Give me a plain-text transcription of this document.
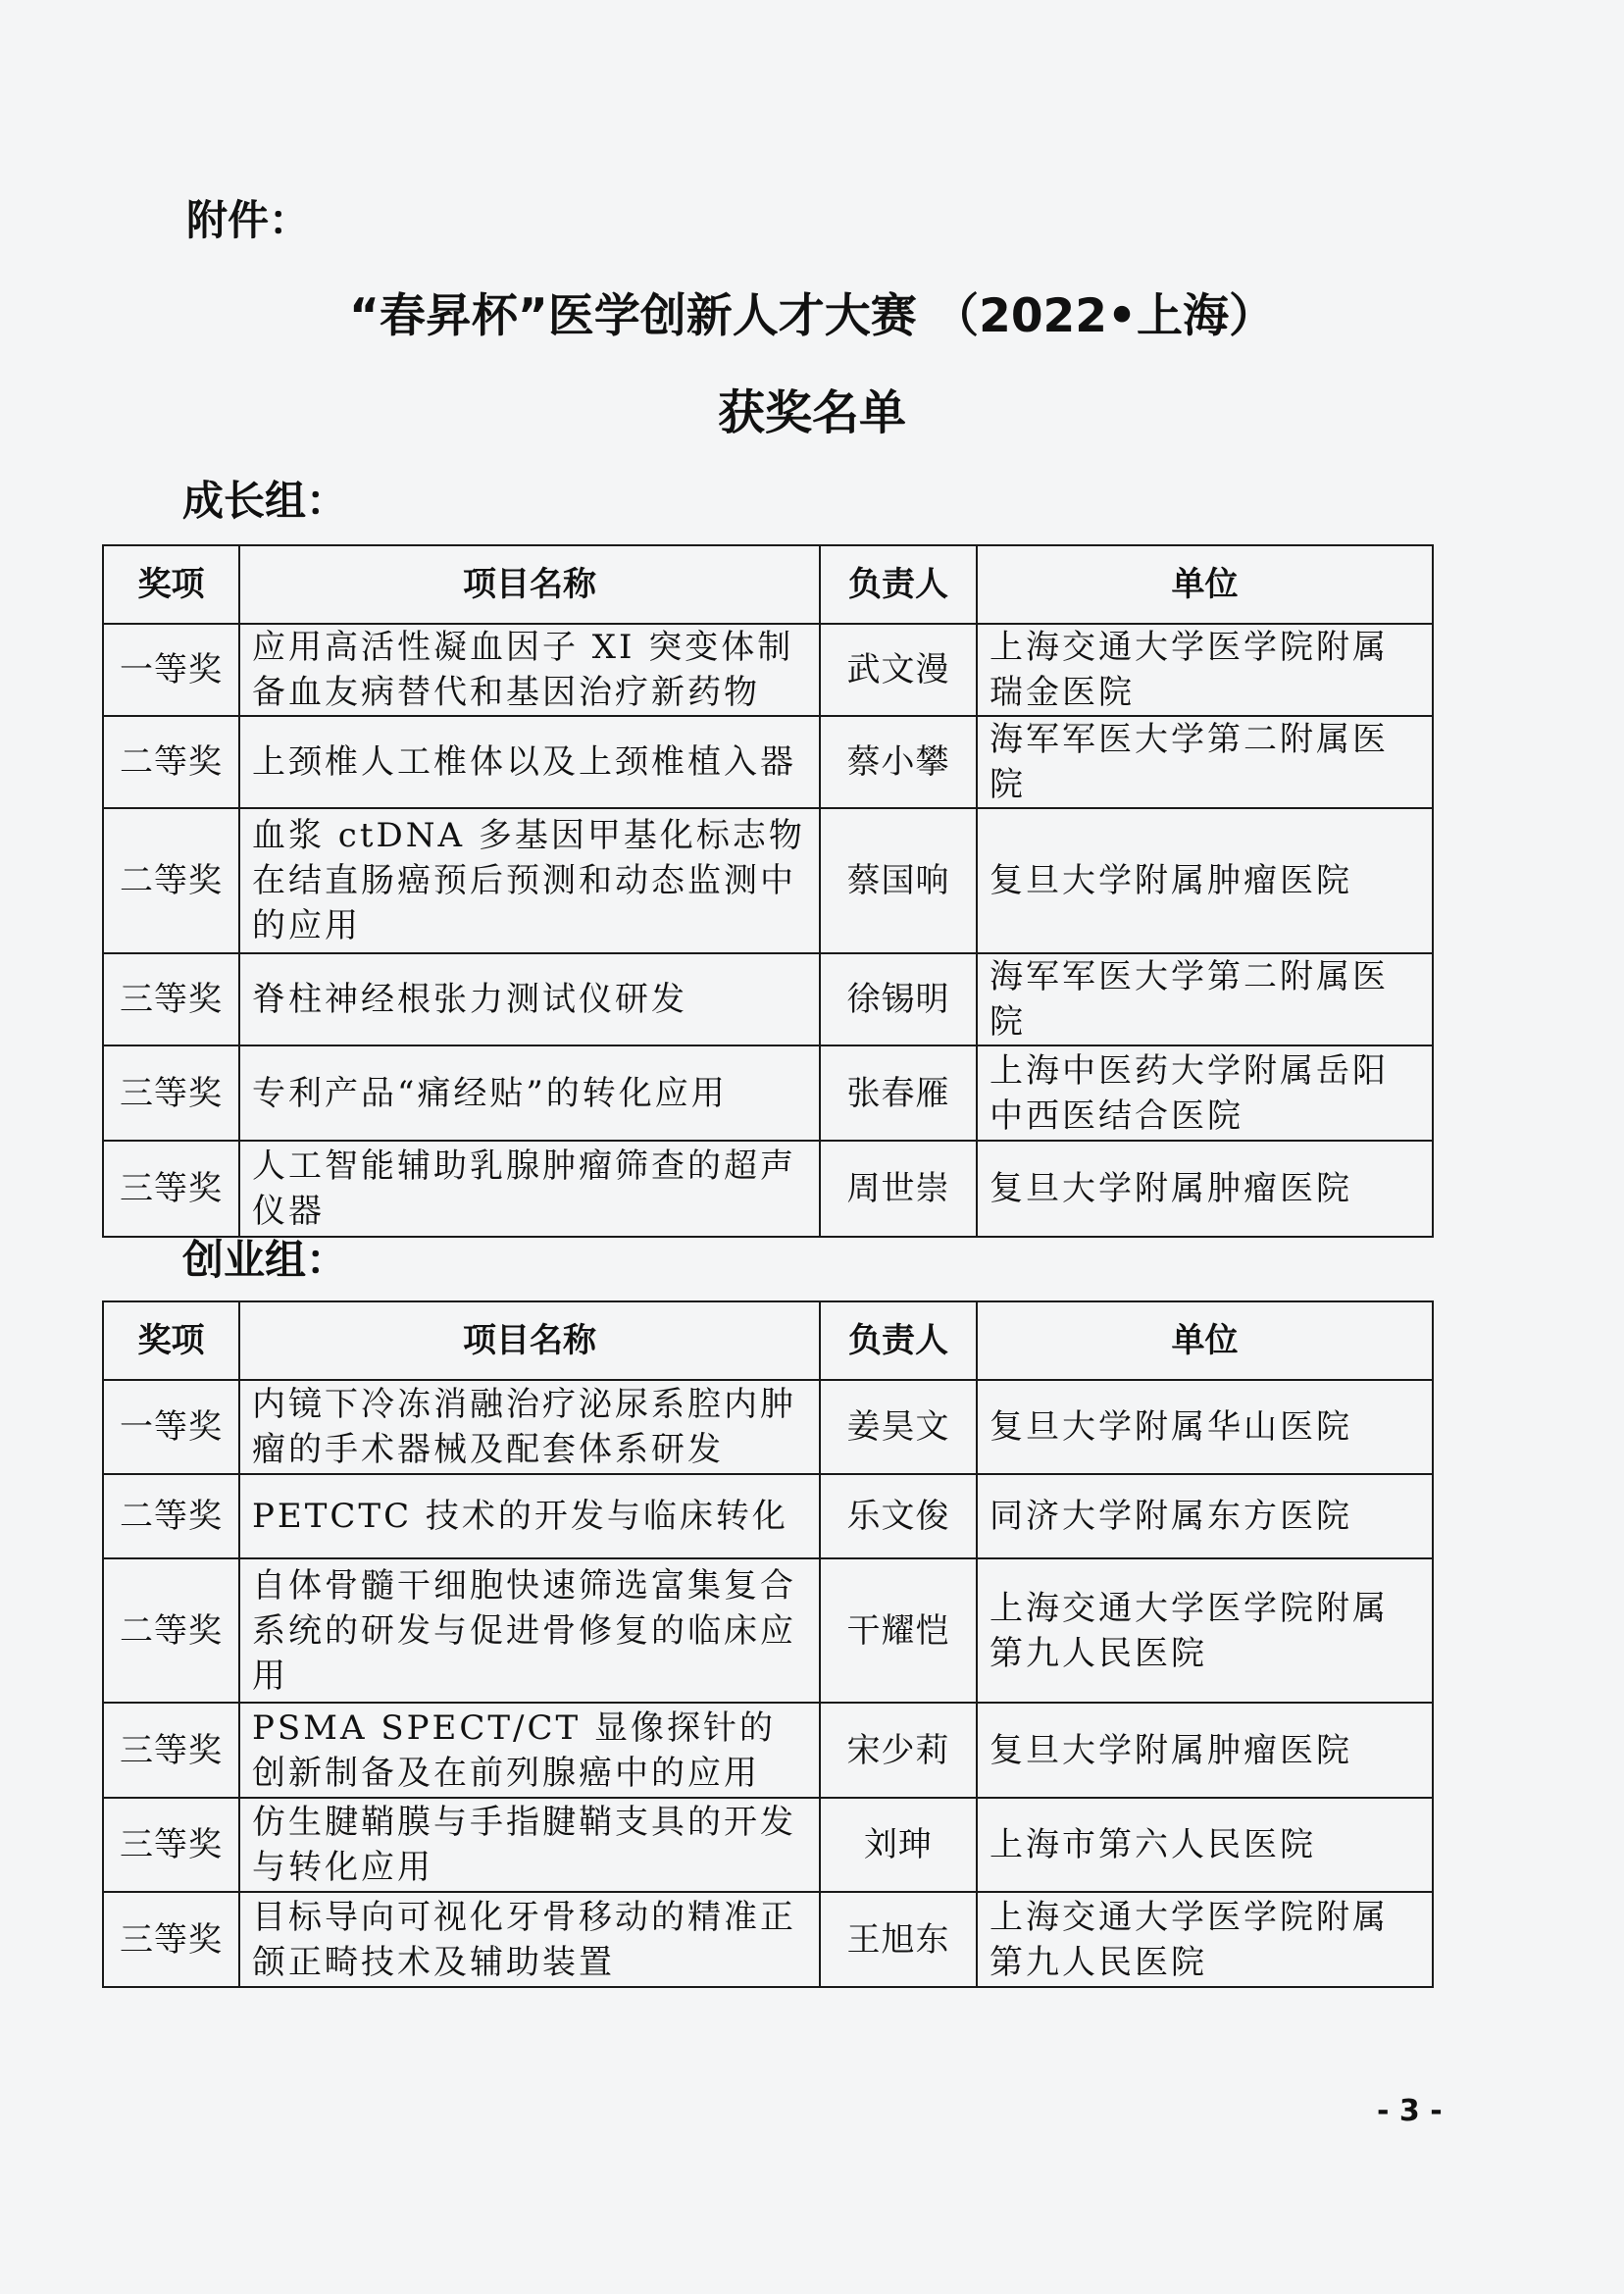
附件：
“春昇杯”医学创新人才大赛 （2022•上海）
获奖名单
成长组：
奖项	项目名称	负责人	单位
一等奖	应用高活性凝血因子 XI 突变体制备血友病替代和基因治疗新药物	武文漫	上海交通大学医学院附属瑞金医院
二等奖	上颈椎人工椎体以及上颈椎植入器	蔡小攀	海军军医大学第二附属医院
二等奖	血浆 ctDNA 多基因甲基化标志物在结直肠癌预后预测和动态监测中的应用	蔡国响	复旦大学附属肿瘤医院
三等奖	脊柱神经根张力测试仪研发	徐锡明	海军军医大学第二附属医院
三等奖	专利产品“痛经贴”的转化应用	张春雁	上海中医药大学附属岳阳中西医结合医院
三等奖	人工智能辅助乳腺肿瘤筛查的超声仪器	周世崇	复旦大学附属肿瘤医院
创业组：
奖项	项目名称	负责人	单位
一等奖	内镜下冷冻消融治疗泌尿系腔内肿瘤的手术器械及配套体系研发	姜昊文	复旦大学附属华山医院
二等奖	PETCTC 技术的开发与临床转化	乐文俊	同济大学附属东方医院
二等奖	自体骨髓干细胞快速筛选富集复合系统的研发与促进骨修复的临床应用	干耀恺	上海交通大学医学院附属第九人民医院
三等奖	PSMA SPECT/CT 显像探针的创新制备及在前列腺癌中的应用	宋少莉	复旦大学附属肿瘤医院
三等奖	仿生腱鞘膜与手指腱鞘支具的开发与转化应用	刘珅	上海市第六人民医院
三等奖	目标导向可视化牙骨移动的精准正颌正畸技术及辅助装置	王旭东	上海交通大学医学院附属第九人民医院
- 3 -
